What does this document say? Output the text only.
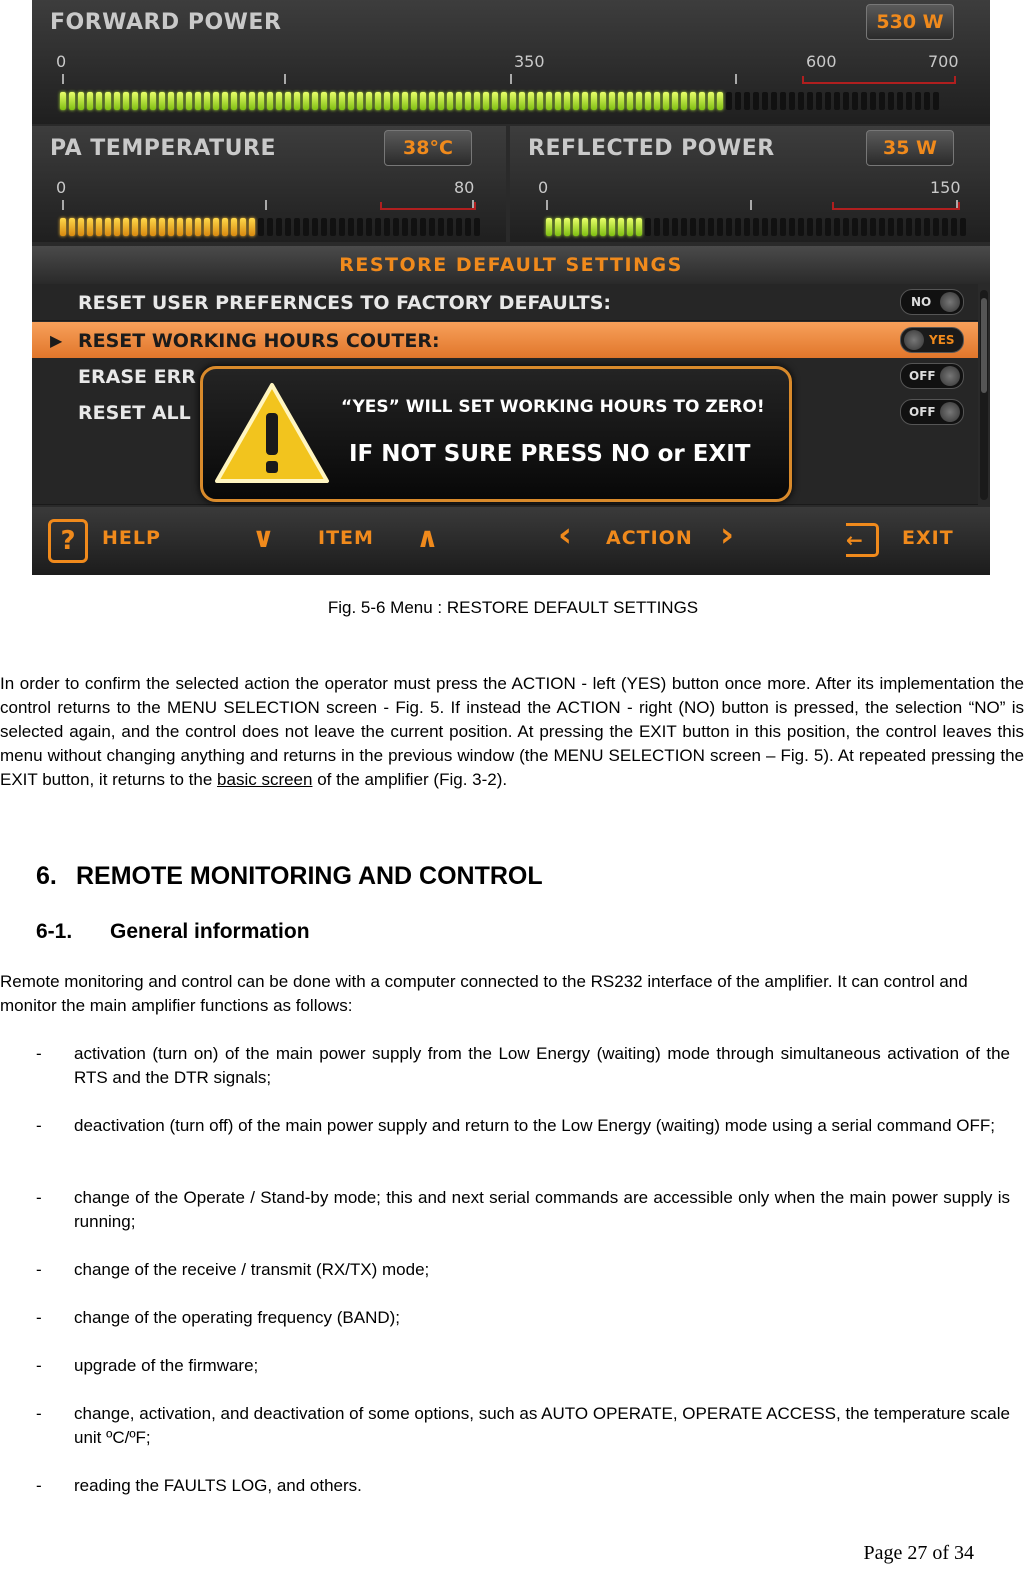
FORWARD POWER	530 W
0	350	600	700
PA TEMPERATURE	38°C
0	80
REFLECTED POWER	35 W
0	150
RESTORE DEFAULT SETTINGS
RESET USER PREFERNCES TO FACTORY DEFAULTS:	NO
▶ RESET WORKING HOURS COUTER:	YES
ERASE ERR	OFF
RESET ALL	OFF
“YES” WILL SET WORKING HOURS TO ZERO!
IF NOT SURE PRESS NO or EXIT
?	HELP	∨ ITEM ∧	‹ ACTION ›	←	EXIT
Fig. 5-6 Menu : RESTORE DEFAULT SETTINGS

In order to confirm the selected action the operator must press the ACTION - left (YES) button once more. After its implementation the control returns to the MENU SELECTION screen - Fig. 5. If instead the ACTION - right (NO) button is pressed, the selection “NO” is selected again, and the control does not leave the current position. At pressing the EXIT button in this position, the control leaves this menu without changing anything and returns in the previous window (the MENU SELECTION screen – Fig. 5). At repeated pressing the EXIT button, it returns to the basic screen of the amplifier (Fig. 3-2).

6. REMOTE MONITORING AND CONTROL
6-1. General information
Remote monitoring and control can be done with a computer connected to the RS232 interface of the amplifier. It can control and monitor the main amplifier functions as follows:
- activation (turn on) of the main power supply from the Low Energy (waiting) mode through simultaneous activation of the RTS and the DTR signals;
- deactivation (turn off) of the main power supply and return to the Low Energy (waiting) mode using a serial command OFF;
- change of the Operate / Stand-by mode; this and next serial commands are accessible only when the main power supply is running;
- change of the receive / transmit (RX/TX) mode;
- change of the operating frequency (BAND);
- upgrade of the firmware;
- change, activation, and deactivation of some options, such as AUTO OPERATE, OPERATE ACCESS, the temperature scale unit ºC/ºF;
- reading the FAULTS LOG, and others.
Page 27 of 34
